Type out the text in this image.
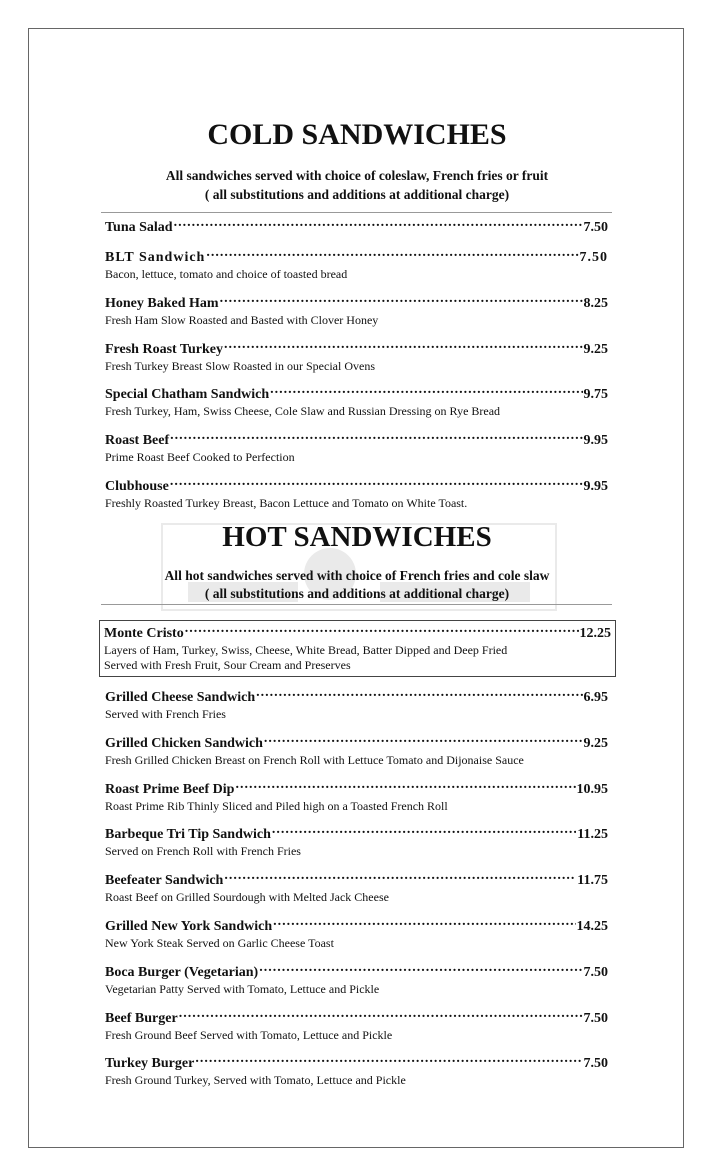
COLD SANDWICHES
All sandwiches served with choice of coleslaw, French fries or fruit
( all substitutions and additions at additional charge)
Tuna Salad .....	7.50
BLT Sandwich .....	7.50
Bacon, lettuce, tomato and choice of toasted bread
Honey Baked Ham .....	8.25
Fresh Ham Slow Roasted and Basted with Clover Honey
Fresh Roast Turkey .....	9.25
Fresh Turkey Breast Slow Roasted in our Special Ovens
Special Chatham Sandwich .....	9.75
Fresh Turkey, Ham, Swiss Cheese, Cole Slaw and Russian Dressing on Rye Bread
Roast Beef .....	9.95
Prime Roast Beef Cooked to Perfection
Clubhouse .....	9.95
Freshly Roasted Turkey Breast, Bacon Lettuce and Tomato on White Toast.
HOT SANDWICHES
All hot sandwiches served with choice of French fries and cole slaw
( all substitutions and additions at additional charge)
Monte Cristo .....	12.25
Layers of Ham, Turkey, Swiss, Cheese, White Bread, Batter Dipped and Deep Fried
Served with Fresh Fruit, Sour Cream and Preserves
Grilled Cheese Sandwich .....	6.95
Served with French Fries
Grilled Chicken Sandwich .....	9.25
Fresh Grilled Chicken Breast on French Roll with Lettuce Tomato and Dijonaise Sauce
Roast Prime Beef Dip .....	10.95
Roast Prime Rib Thinly Sliced and Piled high on a Toasted French Roll
Barbeque Tri Tip Sandwich .....	11.25
Served on French Roll with French Fries
Beefeater Sandwich .....	11.75
Roast Beef on Grilled Sourdough with Melted Jack Cheese
Grilled New York Sandwich .....	14.25
New York Steak Served on Garlic Cheese Toast
Boca Burger (Vegetarian) .....	7.50
Vegetarian Patty Served with Tomato, Lettuce and Pickle
Beef Burger .....	7.50
Fresh Ground Beef Served with Tomato, Lettuce and Pickle
Turkey Burger .....	7.50
Fresh Ground Turkey, Served with Tomato, Lettuce and Pickle
